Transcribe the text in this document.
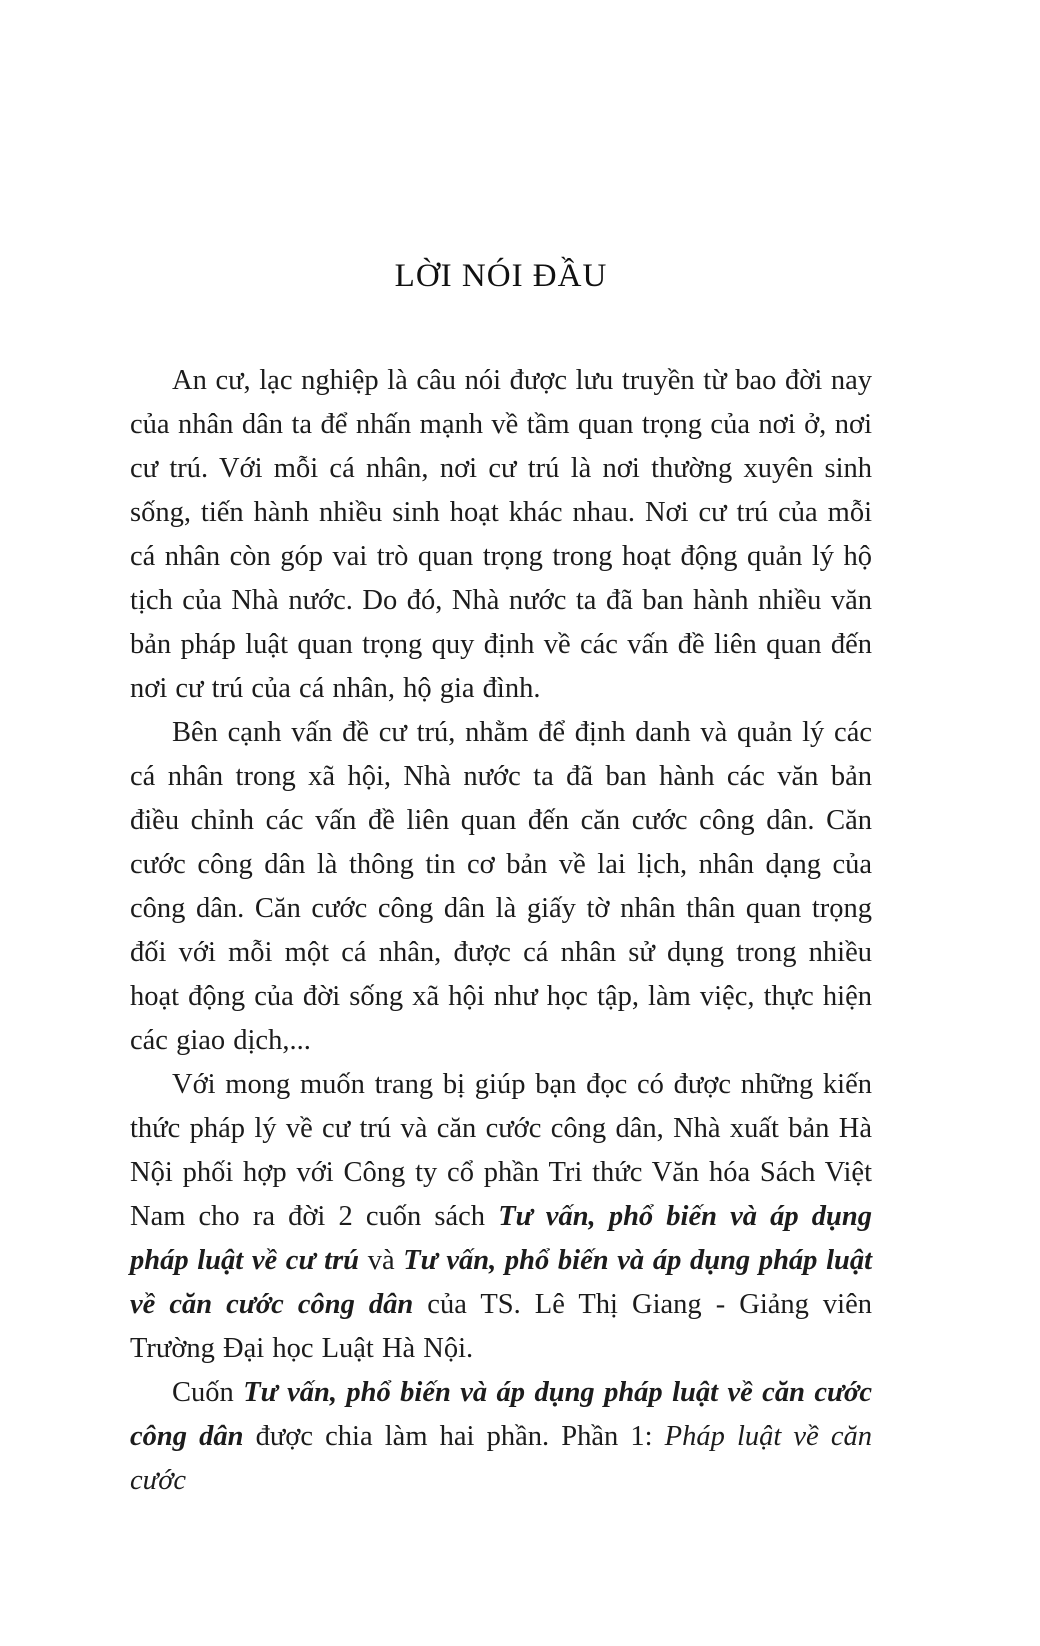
LỜI NÓI ĐẦU

An cư, lạc nghiệp là câu nói được lưu truyền từ bao đời nay của nhân dân ta để nhấn mạnh về tầm quan trọng của nơi ở, nơi cư trú. Với mỗi cá nhân, nơi cư trú là nơi thường xuyên sinh sống, tiến hành nhiều sinh hoạt khác nhau. Nơi cư trú của mỗi cá nhân còn góp vai trò quan trọng trong hoạt động quản lý hộ tịch của Nhà nước. Do đó, Nhà nước ta đã ban hành nhiều văn bản pháp luật quan trọng quy định về các vấn đề liên quan đến nơi cư trú của cá nhân, hộ gia đình.

Bên cạnh vấn đề cư trú, nhằm để định danh và quản lý các cá nhân trong xã hội, Nhà nước ta đã ban hành các văn bản điều chỉnh các vấn đề liên quan đến căn cước công dân. Căn cước công dân là thông tin cơ bản về lai lịch, nhân dạng của công dân. Căn cước công dân là giấy tờ nhân thân quan trọng đối với mỗi một cá nhân, được cá nhân sử dụng trong nhiều hoạt động của đời sống xã hội như học tập, làm việc, thực hiện các giao dịch,...

Với mong muốn trang bị giúp bạn đọc có được những kiến thức pháp lý về cư trú và căn cước công dân, Nhà xuất bản Hà Nội phối hợp với Công ty cổ phần Tri thức Văn hóa Sách Việt Nam cho ra đời 2 cuốn sách Tư vấn, phổ biến và áp dụng pháp luật về cư trú và Tư vấn, phổ biến và áp dụng pháp luật về căn cước công dân của TS. Lê Thị Giang - Giảng viên Trường Đại học Luật Hà Nội.

Cuốn Tư vấn, phổ biến và áp dụng pháp luật về căn cước công dân được chia làm hai phần. Phần 1: Pháp luật về căn cước
